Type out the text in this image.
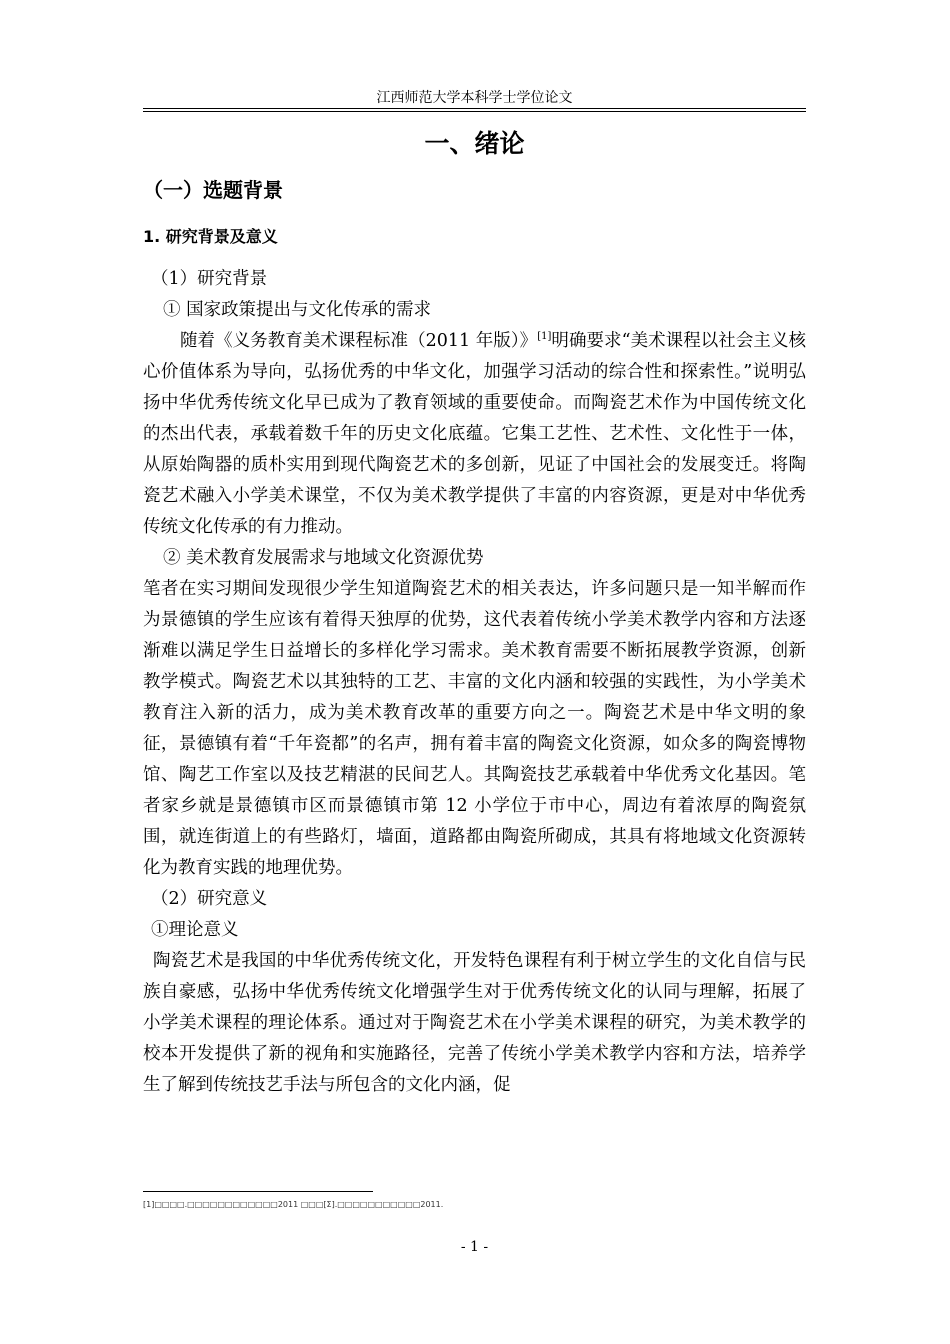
江西师范大学本科学士学位论文
一、绪论
（一）选题背景
1. 研究背景及意义

（1）研究背景

① 国家政策提出与文化传承的需求

随着《义务教育美术课程标准（2011 年版）》[1]明确要求“美术课程以社会主义核心价值体系为导向，弘扬优秀的中华文化，加强学习活动的综合性和探索性。”说明弘扬中华优秀传统文化早已成为了教育领域的重要使命。而陶瓷艺术作为中国传统文化的杰出代表，承载着数千年的历史文化底蕴。它集工艺性、艺术性、文化性于一体，从原始陶器的质朴实用到现代陶瓷艺术的多创新，见证了中国社会的发展变迁。将陶瓷艺术融入小学美术课堂，不仅为美术教学提供了丰富的内容资源，更是对中华优秀传统文化传承的有力推动。

② 美术教育发展需求与地域文化资源优势

笔者在实习期间发现很少学生知道陶瓷艺术的相关表达，许多问题只是一知半解而作为景德镇的学生应该有着得天独厚的优势，这代表着传统小学美术教学内容和方法逐渐难以满足学生日益增长的多样化学习需求。美术教育需要不断拓展教学资源，创新教学模式。陶瓷艺术以其独特的工艺、丰富的文化内涵和较强的实践性，为小学美术教育注入新的活力，成为美术教育改革的重要方向之一。陶瓷艺术是中华文明的象征，景德镇有着“千年瓷都”的名声，拥有着丰富的陶瓷文化资源，如众多的陶瓷博物馆、陶艺工作室以及技艺精湛的民间艺人。其陶瓷技艺承载着中华优秀文化基因。笔者家乡就是景德镇市区而景德镇市第 12 小学位于市中心，周边有着浓厚的陶瓷氛围，就连街道上的有些路灯，墙面，道路都由陶瓷所砌成，其具有将地域文化资源转化为教育实践的地理优势。

（2）研究意义

①理论意义

陶瓷艺术是我国的中华优秀传统文化，开发特色课程有利于树立学生的文化自信与民族自豪感，弘扬中华优秀传统文化增强学生对于优秀传统文化的认同与理解，拓展了小学美术课程的理论体系。通过对于陶瓷艺术在小学美术课程的研究，为美术教学的校本开发提供了新的视角和实施路径，完善了传统小学美术教学内容和方法，培养学生了解到传统技艺手法与所包含的文化内涵，促

[1]□□□□.□□□□□□□□□□□□2011 □□□[Σ].□□□□□□□□□□□2011.
- 1 -
